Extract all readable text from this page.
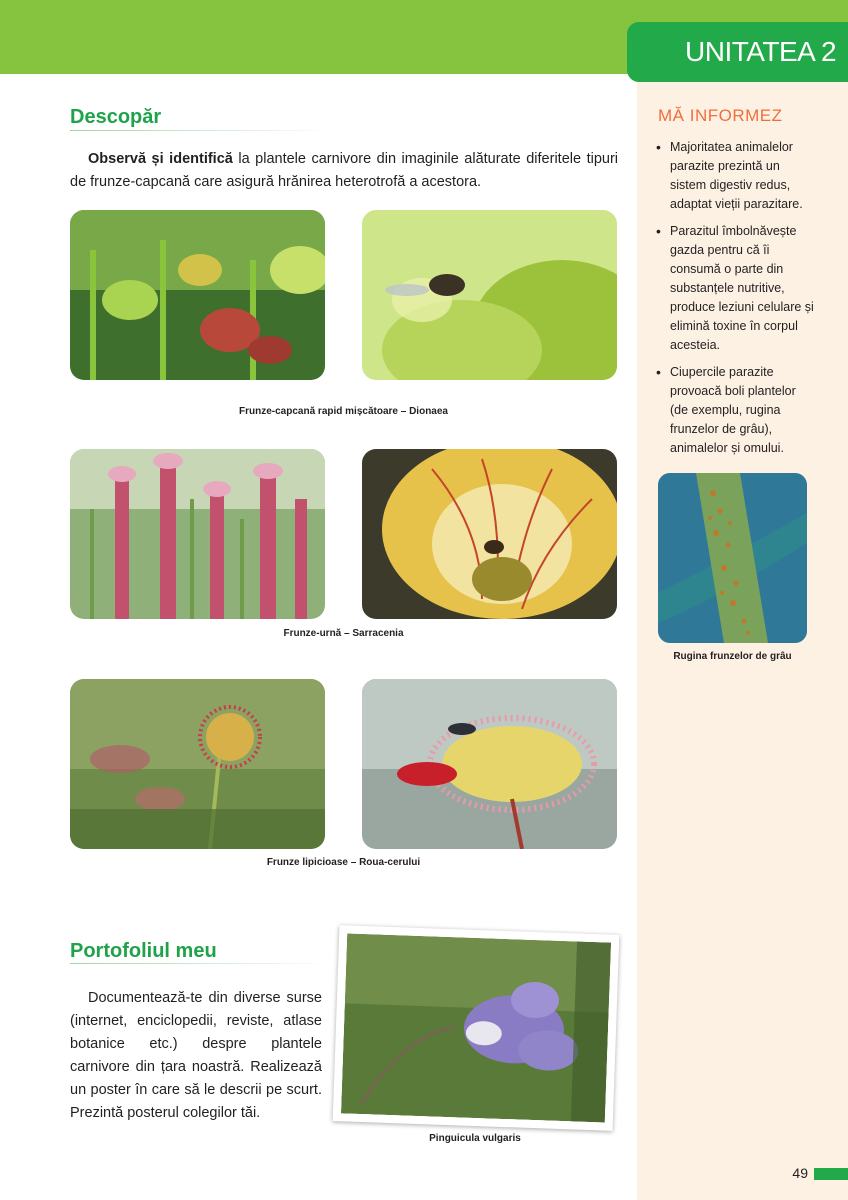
UNITATEA 2
MĂ INFORMEZ
• Majoritatea animalelor parazite prezintă un sistem digestiv redus, adaptat vieții parazitare.
• Parazitul îmbolnăvește gazda pentru că îi consumă o parte din substanțele nutritive, produce leziuni celulare și elimină toxine în corpul acesteia.
• Ciupercile parazite provoacă boli plantelor (de exemplu, rugina frunzelor de grâu), animalelor și omului.
Rugina frunzelor de grâu
Descopăr

Observă și identifică la plantele carnivore din imaginile alăturate diferitele tipuri de frunze-capcană care asigură hrănirea heterotrofă a acestora.

Frunze-capcană rapid mișcătoare – Dionaea
Frunze-urnă – Sarracenia
Frunze lipicioase – Roua-cerului
Portofoliul meu

Documentează-te din diverse surse (internet, enciclopedii, reviste, atlase botanice etc.) despre plantele carnivore din țara noastră. Realizează un poster în care să le descrii pe scurt. Prezintă posterul colegilor tăi.

Pinguicula vulgaris
49
